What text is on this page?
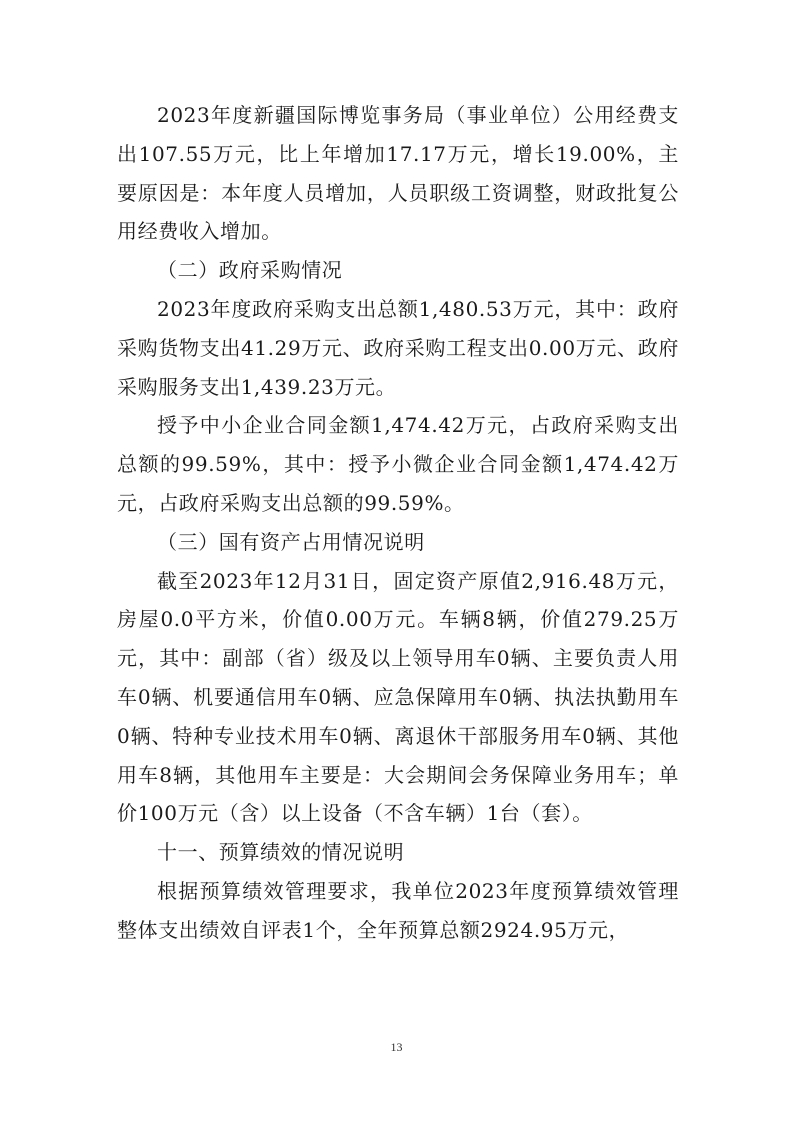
2023年度新疆国际博览事务局（事业单位）公用经费支出107.55万元，比上年增加17.17万元，增长19.00%，主要原因是：本年度人员增加，人员职级工资调整，财政批复公用经费收入增加。

（二）政府采购情况

2023年度政府采购支出总额1,480.53万元，其中：政府采购货物支出41.29万元、政府采购工程支出0.00万元、政府采购服务支出1,439.23万元。

授予中小企业合同金额1,474.42万元，占政府采购支出总额的99.59%，其中：授予小微企业合同金额1,474.42万元，占政府采购支出总额的99.59%。

（三）国有资产占用情况说明

截至2023年12月31日，固定资产原值2,916.48万元，房屋0.0平方米，价值0.00万元。车辆8辆，价值279.25万元，其中：副部（省）级及以上领导用车0辆、主要负责人用车0辆、机要通信用车0辆、应急保障用车0辆、执法执勤用车0辆、特种专业技术用车0辆、离退休干部服务用车0辆、其他用车8辆，其他用车主要是：大会期间会务保障业务用车；单价100万元（含）以上设备（不含车辆）1台（套）。

十一、预算绩效的情况说明

根据预算绩效管理要求，我单位2023年度预算绩效管理整体支出绩效自评表1个，全年预算总额2924.95万元，

13
